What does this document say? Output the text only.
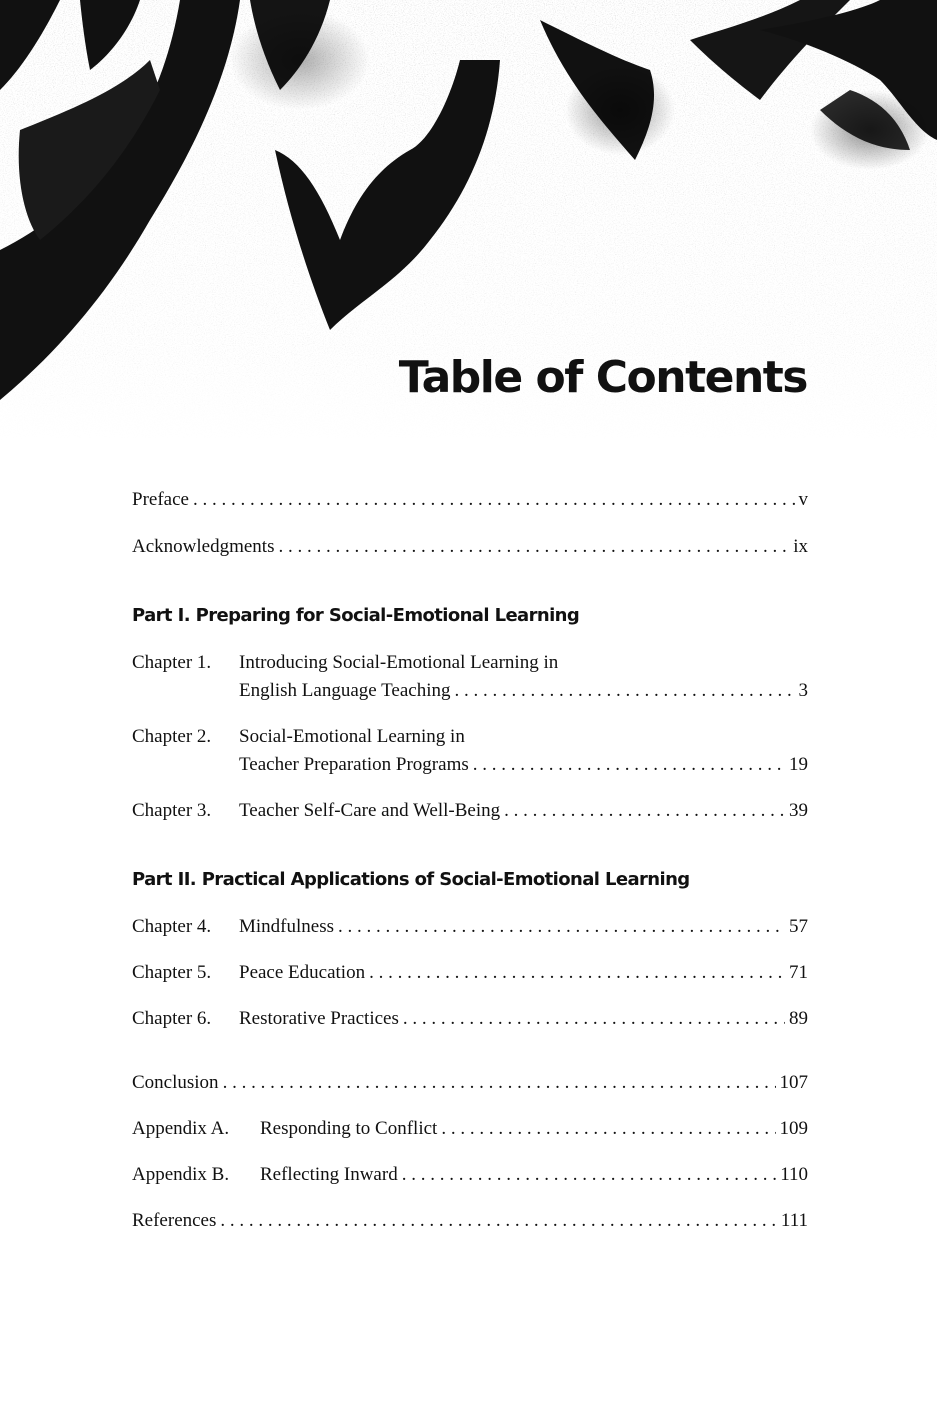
Table of Contents
Preface . . .	v
Acknowledgments . . .	ix
Part I. Preparing for Social-Emotional Learning
Chapter 1. Introducing Social-Emotional Learning in
English Language Teaching . . .	3
Chapter 2. Social-Emotional Learning in
Teacher Preparation Programs . . .	19
Chapter 3.	Teacher Self-Care and Well-Being . . .	39
Part II. Practical Applications of Social-Emotional Learning
Chapter 4.	Mindfulness . . .	57
Chapter 5.	Peace Education . . .	71
Chapter 6.	Restorative Practices . . .	89
Conclusion . . .	107
Appendix A.	Responding to Conflict . . .	109
Appendix B.	Reflecting Inward . . .	110
References . . .	111
